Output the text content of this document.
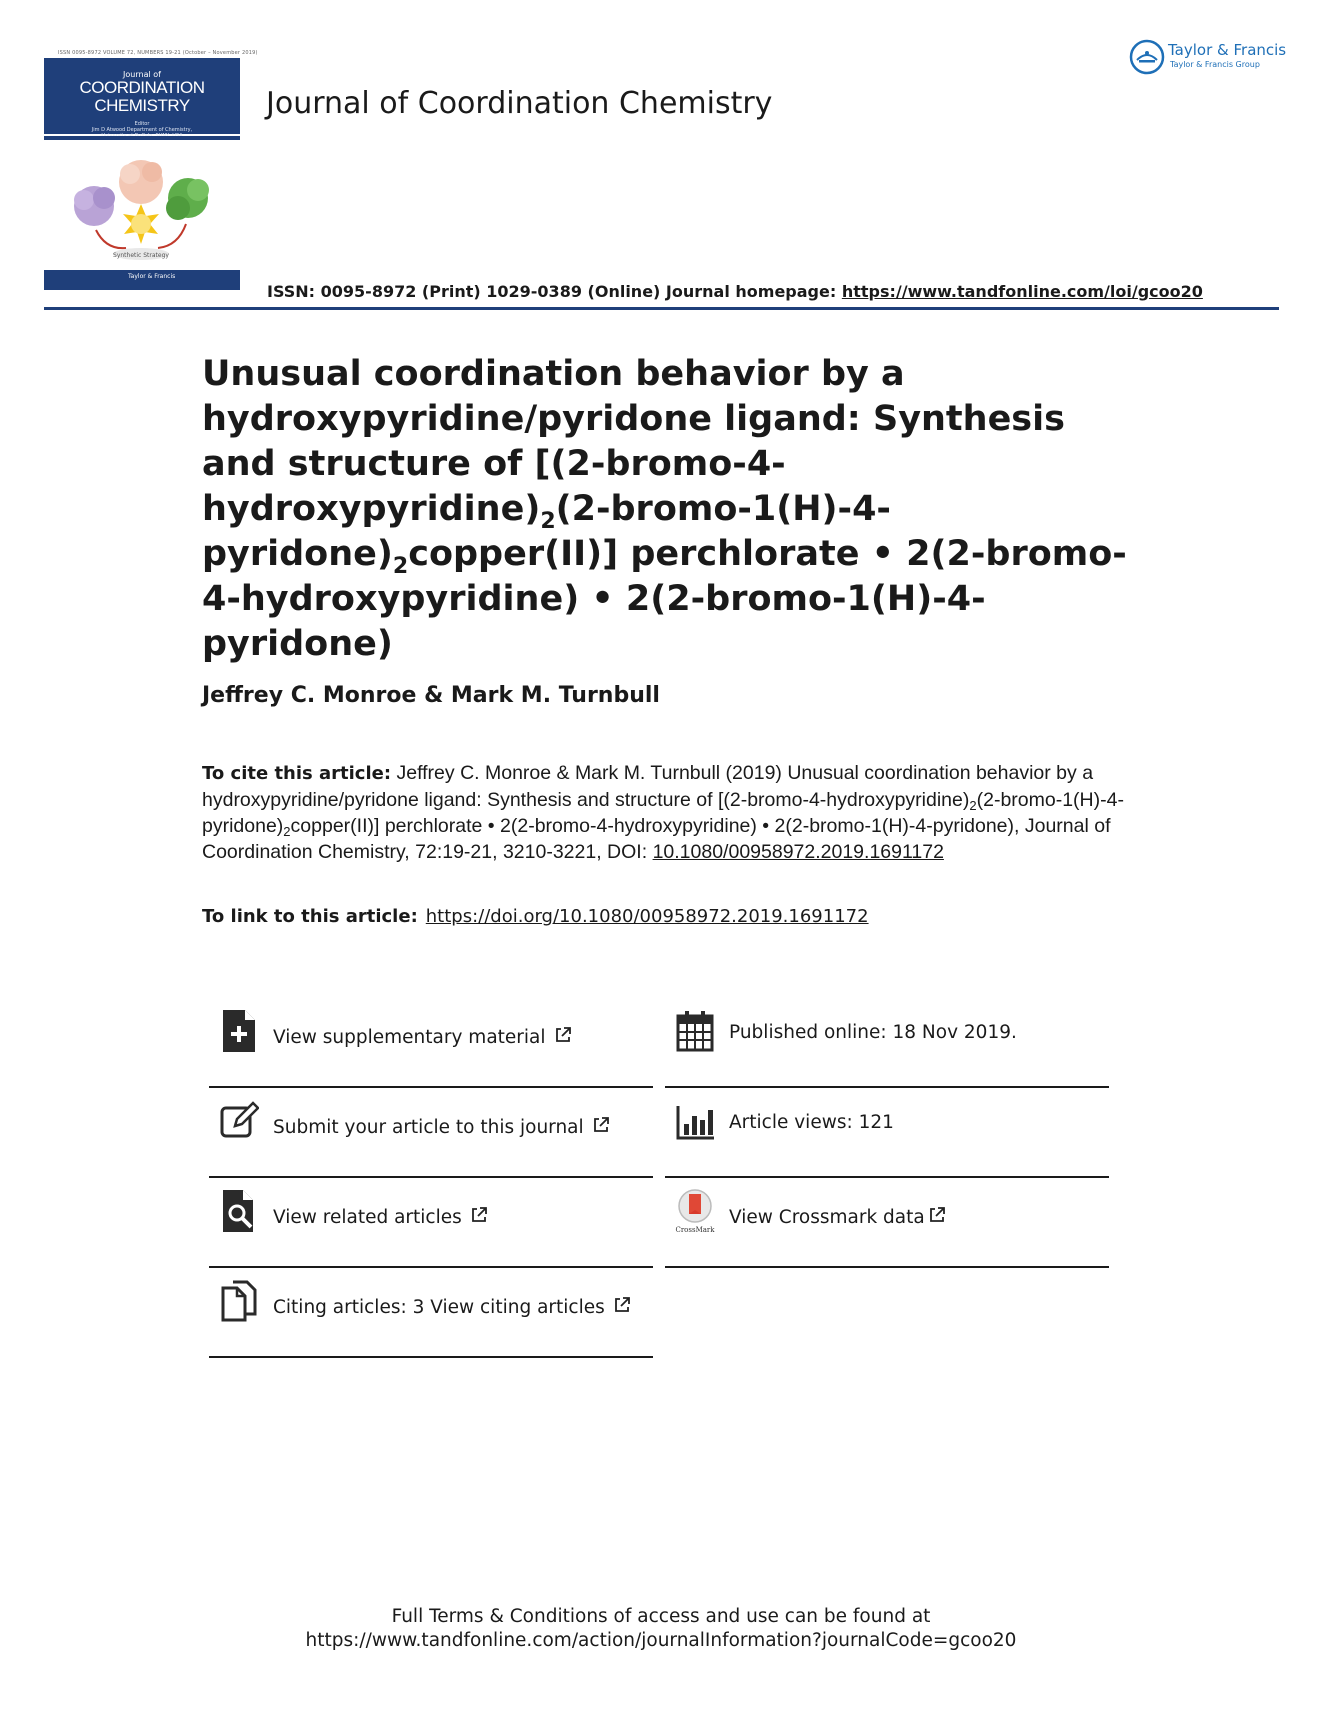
ISSN 0095-8972 VOLUME 72, NUMBERS 19-21 (October – November 2019)
Journal of
COORDINATION
CHEMISTRY
Editor
Jim D Atwood Department of Chemistry,
Synthetic Strategy
Taylor & Francis
Journal of Coordination Chemistry
Taylor & Francis
Taylor & Francis Group
ISSN: 0095-8972 (Print) 1029-0389 (Online) Journal homepage: https://www.tandfonline.com/loi/gcoo20
Unusual coordination behavior by a hydroxypyridine/pyridone ligand: Synthesis and structure of $[(2-bromo-4-hydroxypyridine)_2(2-bromo-1(H)-4-pyridone)_2copper(II)]$ perchlorate • 2(2-bromo-4-hydroxypyridine) • 2(2-bromo-1(H)-4-pyridone)
Jeffrey C. Monroe & Mark M. Turnbull
To cite this article: Jeffrey C. Monroe & Mark M. Turnbull (2019) Unusual coordination behavior by a hydroxypyridine/pyridone ligand: Synthesis and structure of $[(2-bromo-4-hydroxypyridine)_2(2-bromo-1(H)-4-pyridone)_2copper(II)]$ perchlorate • 2(2-bromo-4-hydroxypyridine) • 2(2-bromo-1(H)-4-pyridone), Journal of Coordination Chemistry, 72:19-21, 3210-3221, DOI: 10.1080/00958972.2019.1691172
To link to this article: https://doi.org/10.1080/00958972.2019.1691172
View supplementary material	Published online: 18 Nov 2019.
Submit your article to this journal	Article views: 121
View related articles
CrossMark
View Crossmark data
Citing articles: 3 View citing articles
Full Terms & Conditions of access and use can be found at
https://www.tandfonline.com/action/journalInformation?journalCode=gcoo20
